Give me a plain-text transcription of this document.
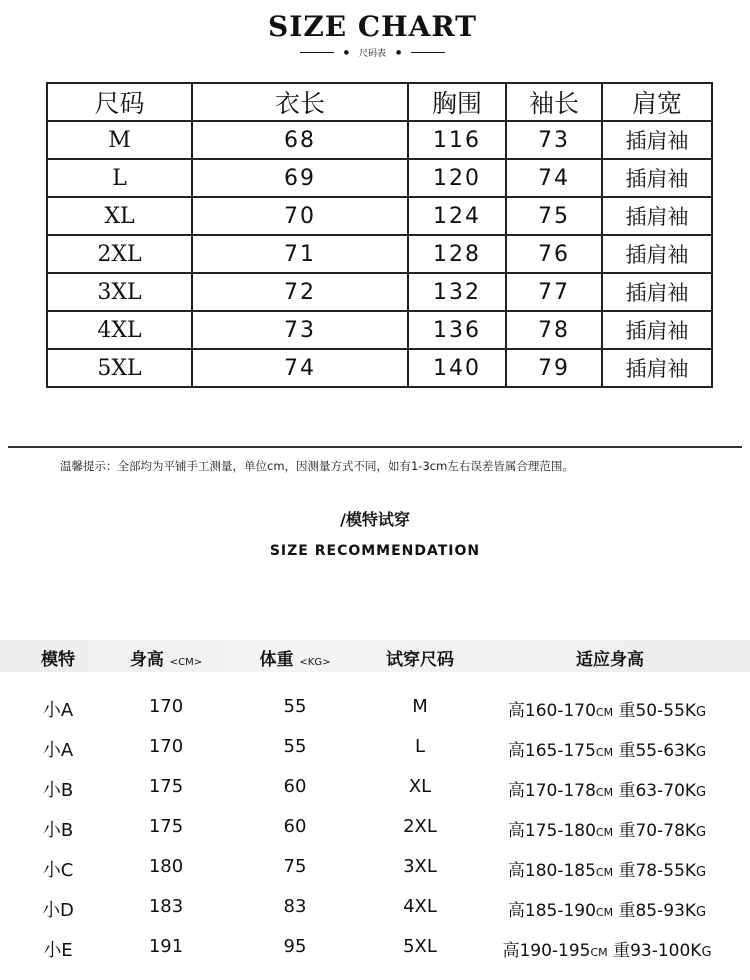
SIZE CHART
● 尺码表 ●
尺码	衣长	胸围	袖长	肩宽
M	68	116	73	插肩袖
L	69	120	74	插肩袖
XL	70	124	75	插肩袖
2XL	71	128	76	插肩袖
3XL	72	132	77	插肩袖
4XL	73	136	78	插肩袖
5XL	74	140	79	插肩袖
温馨提示：全部均为平铺手工测量，单位cm，因测量方式不同，如有1-3cm左右误差皆属合理范围。
/模特试穿
SIZE RECOMMENDATION
模特	身高 <CM>	体重 <KG>	试穿尺码	适应身高
小A	170	55	M	高160-170CM 重50-55KG
小A	170	55	L	高165-175CM 重55-63KG
小B	175	60	XL	高170-178CM 重63-70KG
小B	175	60	2XL	高175-180CM 重70-78KG
小C	180	75	3XL	高180-185CM 重78-55KG
小D	183	83	4XL	高185-190CM 重85-93KG
小E	191	95	5XL	高190-195CM 重93-100KG
